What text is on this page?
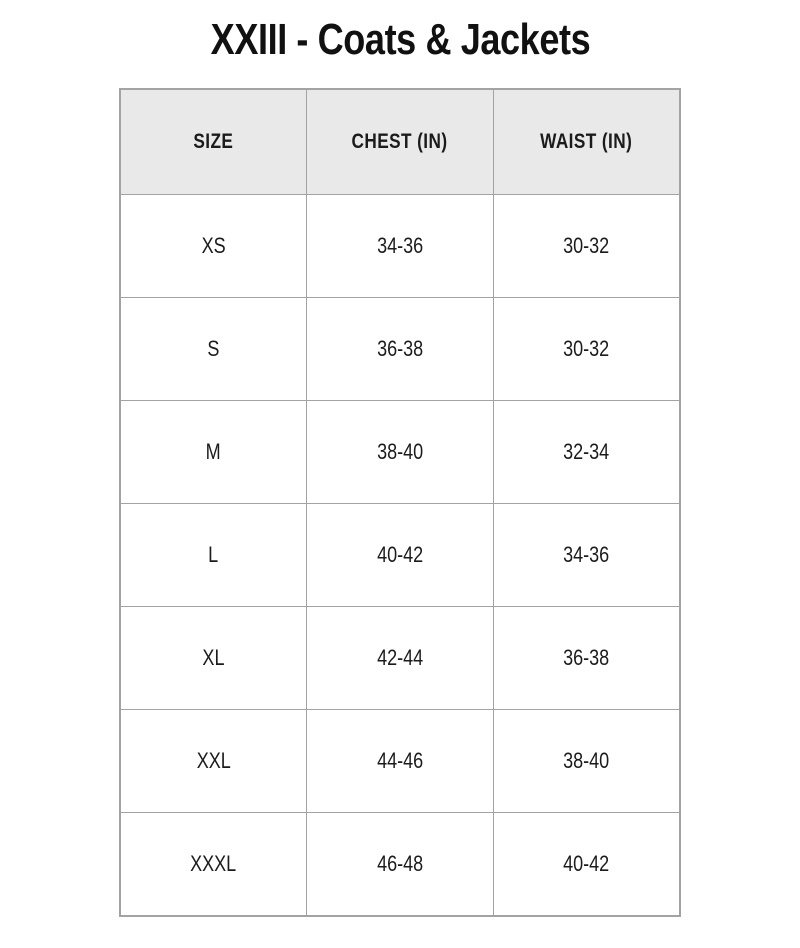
XXIII - Coats & Jackets
SIZE	CHEST (IN)	WAIST (IN)
XS	34-36	30-32
S	36-38	30-32
M	38-40	32-34
L	40-42	34-36
XL	42-44	36-38
XXL	44-46	38-40
XXXL	46-48	40-42
